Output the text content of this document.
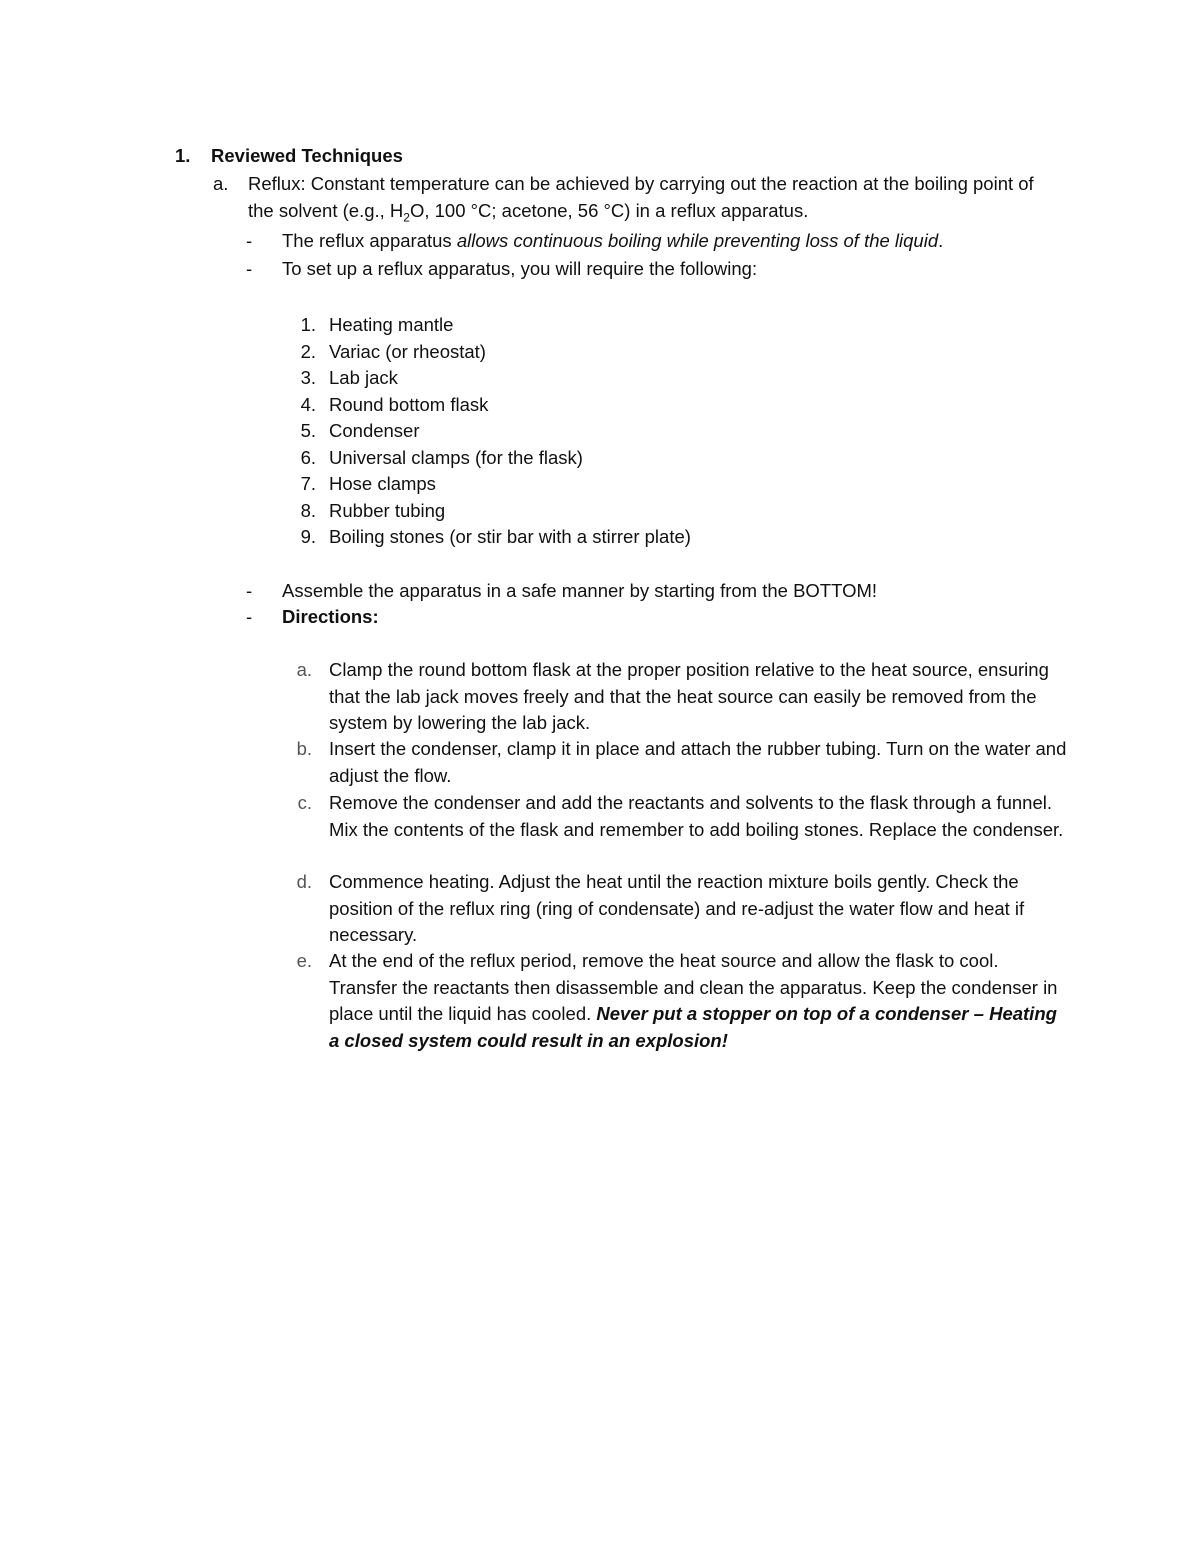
1. Reviewed Techniques
a. Reflux: Constant temperature can be achieved by carrying out the reaction at the boiling point of the solvent (e.g., $H_2O$, 100 °C; acetone, 56 °C) in a reflux apparatus.
- The reflux apparatus allows continuous boiling while preventing loss of the liquid.
- To set up a reflux apparatus, you will require the following:
1. Heating mantle
2. Variac (or rheostat)
3. Lab jack
4. Round bottom flask
5. Condenser
6. Universal clamps (for the flask)
7. Hose clamps
8. Rubber tubing
9. Boiling stones (or stir bar with a stirrer plate)
- Assemble the apparatus in a safe manner by starting from the BOTTOM!
- Directions:
a. Clamp the round bottom flask at the proper position relative to the heat source, ensuring that the lab jack moves freely and that the heat source can easily be removed from the system by lowering the lab jack.
b. Insert the condenser, clamp it in place and attach the rubber tubing. Turn on the water and adjust the flow.
c. Remove the condenser and add the reactants and solvents to the flask through a funnel. Mix the contents of the flask and remember to add boiling stones. Replace the condenser.
d. Commence heating. Adjust the heat until the reaction mixture boils gently. Check the position of the reflux ring (ring of condensate) and re-adjust the water flow and heat if necessary.
e. At the end of the reflux period, remove the heat source and allow the flask to cool. Transfer the reactants then disassemble and clean the apparatus. Keep the condenser in place until the liquid has cooled. Never put a stopper on top of a condenser – Heating a closed system could result in an explosion!
